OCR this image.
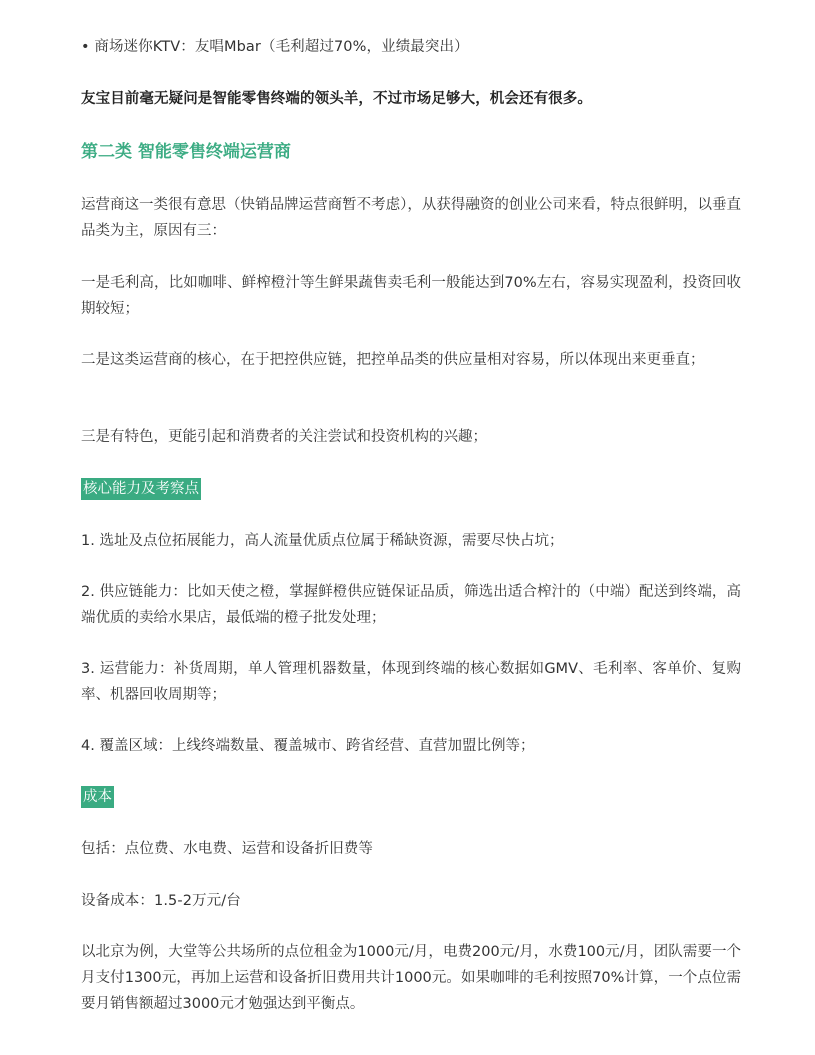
• 商场迷你KTV：友唱Mbar（毛利超过70%，业绩最突出）
友宝目前毫无疑问是智能零售终端的领头羊，不过市场足够大，机会还有很多。
第二类 智能零售终端运营商
运营商这一类很有意思（快销品牌运营商暂不考虑），从获得融资的创业公司来看，特点很鲜明，以垂直品类为主，原因有三：
一是毛利高，比如咖啡、鲜榨橙汁等生鲜果蔬售卖毛利一般能达到70%左右，容易实现盈利，投资回收期较短；
二是这类运营商的核心，在于把控供应链，把控单品类的供应量相对容易，所以体现出来更垂直；
三是有特色，更能引起和消费者的关注尝试和投资机构的兴趣；
核心能力及考察点
1. 选址及点位拓展能力，高人流量优质点位属于稀缺资源，需要尽快占坑；
2. 供应链能力：比如天使之橙，掌握鲜橙供应链保证品质，筛选出适合榨汁的（中端）配送到终端，高端优质的卖给水果店，最低端的橙子批发处理；
3. 运营能力：补货周期，单人管理机器数量，体现到终端的核心数据如GMV、毛利率、客单价、复购率、机器回收周期等；
4. 覆盖区域：上线终端数量、覆盖城市、跨省经营、直营加盟比例等；
成本
包括：点位费、水电费、运营和设备折旧费等
设备成本：1.5-2万元/台
以北京为例，大堂等公共场所的点位租金为1000元/月，电费200元/月，水费100元/月，团队需要一个月支付1300元，再加上运营和设备折旧费用共计1000元。如果咖啡的毛利按照70%计算，一个点位需要月销售额超过3000元才勉强达到平衡点。
